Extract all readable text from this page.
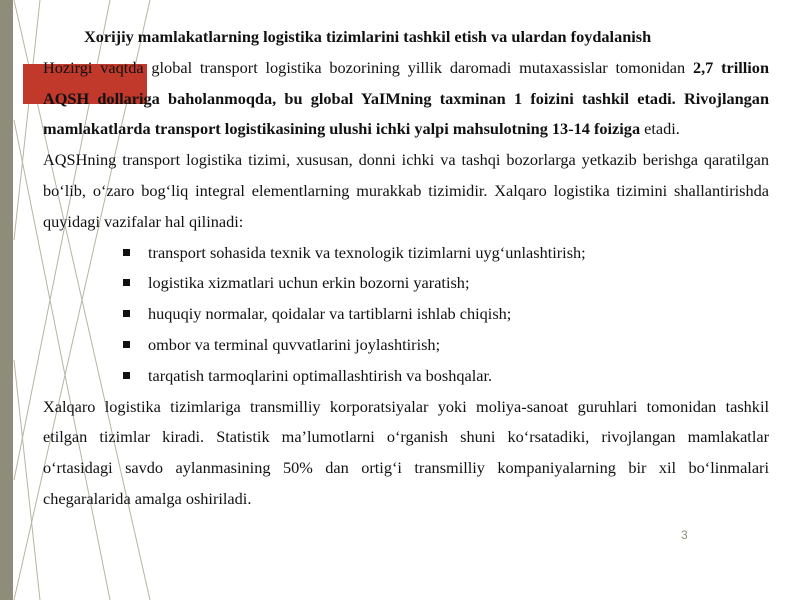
Xorijiy mamlakatlarning logistika tizimlarini tashkil etish va ulardan foydalanish

Hozirgi vaqtda global transport logistika bozorining yillik daromadi mutaxassislar tomonidan 2,7 trillion AQSH dollariga baholanmoqda, bu global YaIMning taxminan 1 foizini tashkil etadi. Rivojlangan mamlakatlarda transport logistikasining ulushi ichki yalpi mahsulotning 13-14 foiziga etadi.

AQSHning transport logistika tizimi, xususan, donni ichki va tashqi bozorlarga yetkazib berishga qaratilgan bo‘lib, o‘zaro bog‘liq integral elementlarning murakkab tizimidir. Xalqaro logistika tizimini shallantirishda quyidagi vazifalar hal qilinadi:

transport sohasida texnik va texnologik tizimlarni uyg‘unlashtirish;
logistika xizmatlari uchun erkin bozorni yaratish;
huquqiy normalar, qoidalar va tartiblarni ishlab chiqish;
ombor va terminal quvvatlarini joylashtirish;
tarqatish tarmoqlarini optimallashtirish va boshqalar.

Xalqaro logistika tizimlariga transmilliy korporatsiyalar yoki moliya-sanoat guruhlari tomonidan tashkil etilgan tizimlar kiradi. Statistik ma’lumotlarni o‘rganish shuni ko‘rsatadiki, rivojlangan mamlakatlar o‘rtasidagi savdo aylanmasining 50% dan ortig‘i transmilliy kompaniyalarning bir xil bo‘linmalari chegaralarida amalga oshiriladi.

3
